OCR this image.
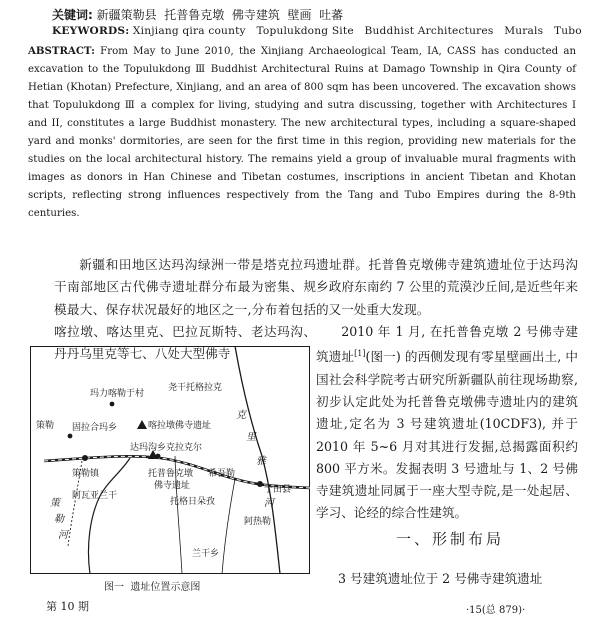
关键词: 新疆策勒县  托普鲁克墩  佛寺建筑  壁画  吐蕃
KEYWORDS: Xinjiang qira county   Topulukdong Site   Buddhist Architectures   Murals   Tubo
ABSTRACT: From May to June 2010, the Xinjiang Archaeological Team, IA, CASS has conducted an excavation to the Topulukdong Ⅲ Buddhist Architectural Ruins at Damago Township in Qira County of Hetian (Khotan) Prefecture, Xinjiang, and an area of 800 sqm has been uncovered. The excavation shows that Topulukdong Ⅲ a complex for living, studying and sutra discussing, together with Architectures I and II, constitutes a large Buddhist monastery. The new architectural types, including a square-shaped yard and monks' dormitories, are seen for the first time in this region, providing new materials for the studies on the local architectural history. The remains yield a group of invaluable mural fragments with images as donors in Han Chinese and Tibetan costumes, inscriptions in ancient Tibetan and Khotan scripts, reflecting strong influences respectively from the Tang and Tubo Empires during the 8-9th centuries.

新疆和田地区达玛沟绿洲一带是塔克拉玛干南部地区古代佛寺遗址群分布最为密集、规模最大、保存状况最好的地区之一,分布着包括喀拉墩、喀达里克、巴拉瓦斯特、老达玛沟、丹丹乌里克等七、八处大型佛寺

遗址群。托普鲁克墩佛寺建筑遗址位于达玛沟乡政府东南约 7 公里的荒漠沙丘间,是近些年来的又一处重大发现。

2010 年 1 月, 在托普鲁克墩 2 号佛寺建筑遗址[1](图一) 的西侧发现有零星壁画出土, 中国社会科学院考古研究所新疆队前往现场勘察,初步认定此处为托普鲁克墩佛寺遗址内的建筑遗址,定名为 3 号建筑遗址(10CDF3), 并于 2010 年 5~6 月对其进行发掘,总揭露面积约 800 平方米。发掘表明 3 号遗址与 1、2 号佛寺建筑遗址同属于一座大型寺院,是一处起居、学习、论经的综合性建筑。

一、形制布局
3 号建筑遗址位于 2 号佛寺建筑遗址
尧干托格拉克
玛力喀勒于村
策勒 固拉合玛乡	喀拉墩佛寺遗址
达玛沟乡克拉克尔
策勒镇	托普鲁克墩
佛寺遗址
希吾勒
阿瓦亚兰干
于田县
托格日朵孜
阿热勒
兰干乡
克
里
雅
河
策
勒
河
图一  遗址位置示意图
第 10 期	·15(总 879)·
